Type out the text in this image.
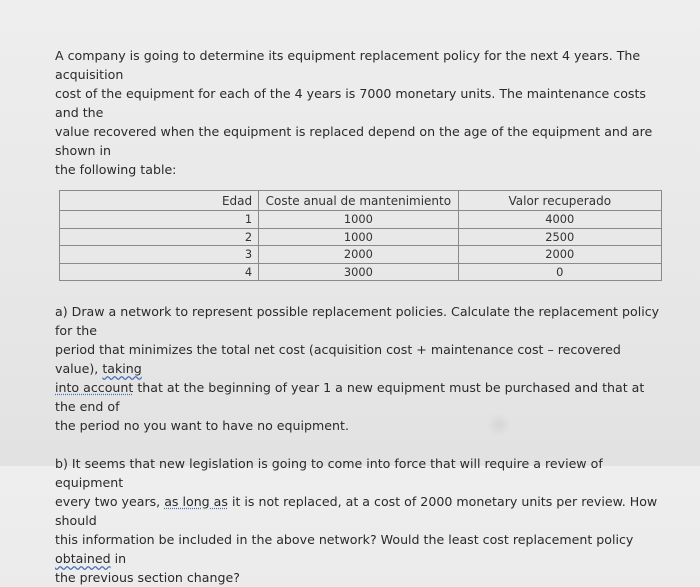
A company is going to determine its equipment replacement policy for the next 4 years. The acquisition
cost of the equipment for each of the 4 years is 7000 monetary units. The maintenance costs and the
value recovered when the equipment is replaced depend on the age of the equipment and are shown in
the following table:

Edad	Coste anual de mantenimiento	Valor recuperado
1	1000	4000
2	1000	2500
3	2000	2000
4	3000	0

a) Draw a network to represent possible replacement policies. Calculate the replacement policy for the
period that minimizes the total net cost (acquisition cost + maintenance cost – recovered value), taking
into account that at the beginning of year 1 a new equipment must be purchased and that at the end of
the period no you want to have no equipment.

b) It seems that new legislation is going to come into force that will require a review of equipment
every two years, as long as it is not replaced, at a cost of 2000 monetary units per review. How should
this information be included in the above network? Would the least cost replacement policy obtained in
the previous section change?
